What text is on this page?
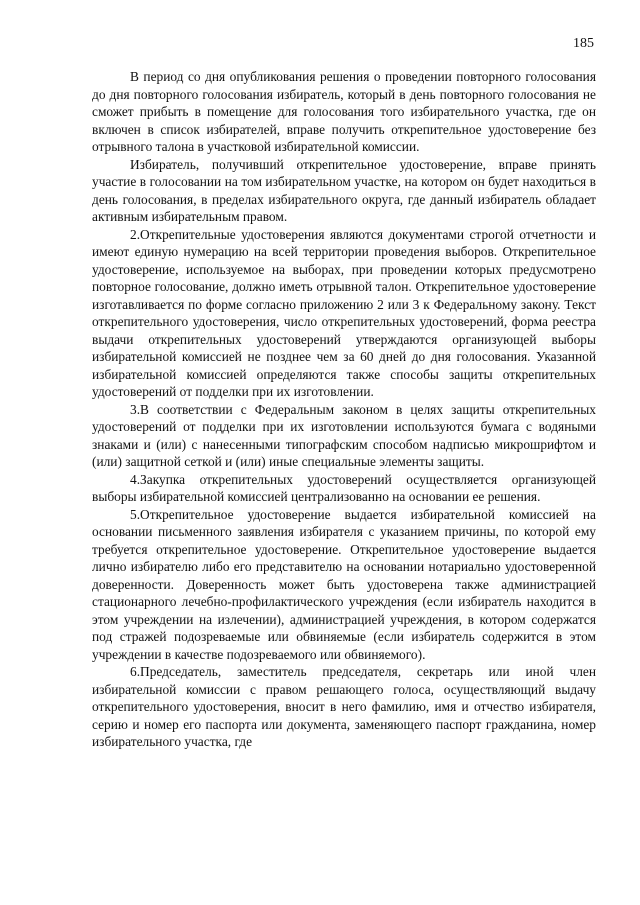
185

В период со дня опубликования решения о проведении повторного голосования до дня повторного голосования избиратель, который в день повторного голосования не сможет прибыть в помещение для голосования того избирательного участка, где он включен в список избирателей, вправе получить открепительное удостоверение без отрывного талона в участковой избирательной комиссии.

Избиратель, получивший открепительное удостоверение, вправе принять участие в голосовании на том избирательном участке, на котором он будет находиться в день голосования, в пределах избирательного округа, где данный избиратель обладает активным избирательным правом.

2.Открепительные удостоверения являются документами строгой отчетности и имеют единую нумерацию на всей территории проведения выборов. Открепительное удостоверение, используемое на выборах, при проведении которых предусмотрено повторное голосование, должно иметь отрывной талон. Открепительное удостоверение изготавливается по форме согласно приложению 2 или 3 к Федеральному закону. Текст открепительного удостоверения, число открепительных удостоверений, форма реестра выдачи открепительных удостоверений утверждаются организующей выборы избирательной комиссией не позднее чем за 60 дней до дня голосования. Указанной избирательной комиссией определяются также способы защиты открепительных удостоверений от подделки при их изготовлении.

3.В соответствии с Федеральным законом в целях защиты открепительных удостоверений от подделки при их изготовлении используются бумага с водяными знаками и (или) с нанесенными типографским способом надписью микрошрифтом и (или) защитной сеткой и (или) иные специальные элементы защиты.

4.Закупка открепительных удостоверений осуществляется организующей выборы избирательной комиссией централизованно на основании ее решения.

5.Открепительное удостоверение выдается избирательной комиссией на основании письменного заявления избирателя с указанием причины, по которой ему требуется открепительное удостоверение. Открепительное удостоверение выдается лично избирателю либо его представителю на основании нотариально удостоверенной доверенности. Доверенность может быть удостоверена также администрацией стационарного лечебно-профилактического учреждения (если избиратель находится в этом учреждении на излечении), администрацией учреждения, в котором содержатся под стражей подозреваемые или обвиняемые (если избиратель содержится в этом учреждении в качестве подозреваемого или обвиняемого).

6.Председатель, заместитель председателя, секретарь или иной член избирательной комиссии с правом решающего голоса, осуществляющий выдачу открепительного удостоверения, вносит в него фамилию, имя и отчество избирателя, серию и номер его паспорта или документа, заменяющего паспорт гражданина, номер избирательного участка, где
